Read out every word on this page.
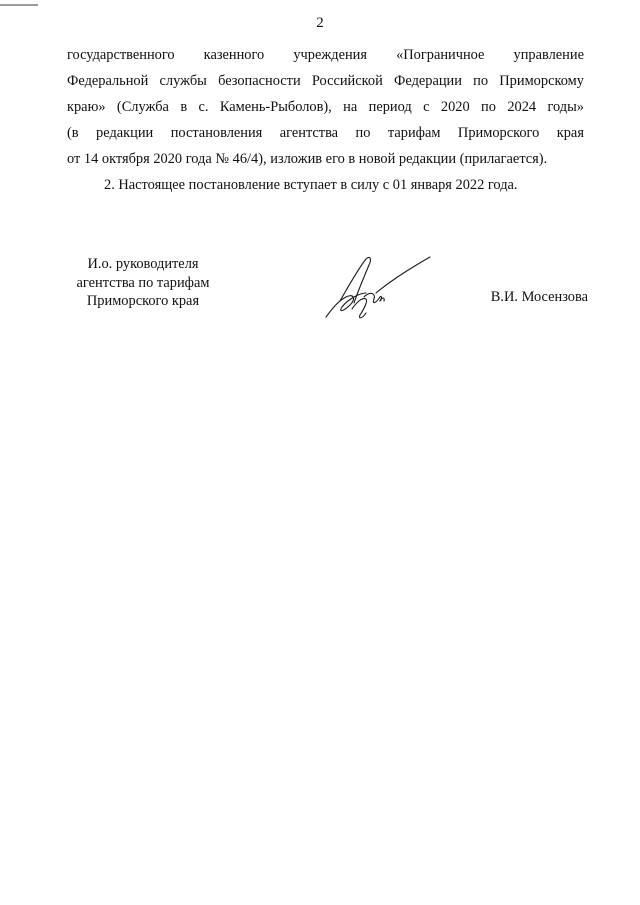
2
государственного казенного учреждения «Пограничное управление
Федеральной службы безопасности Российской Федерации по Приморскому
краю» (Служба в с. Камень-Рыболов), на период с 2020 по 2024 годы»
(в редакции постановления агентства по тарифам Приморского края
от 14 октября 2020 года № 46/4), изложив его в новой редакции (прилагается).
2. Настоящее постановление вступает в силу с 01 января 2022 года.
И.о. руководителя
агентства по тарифам
Приморского края	В.И. Мосензова
